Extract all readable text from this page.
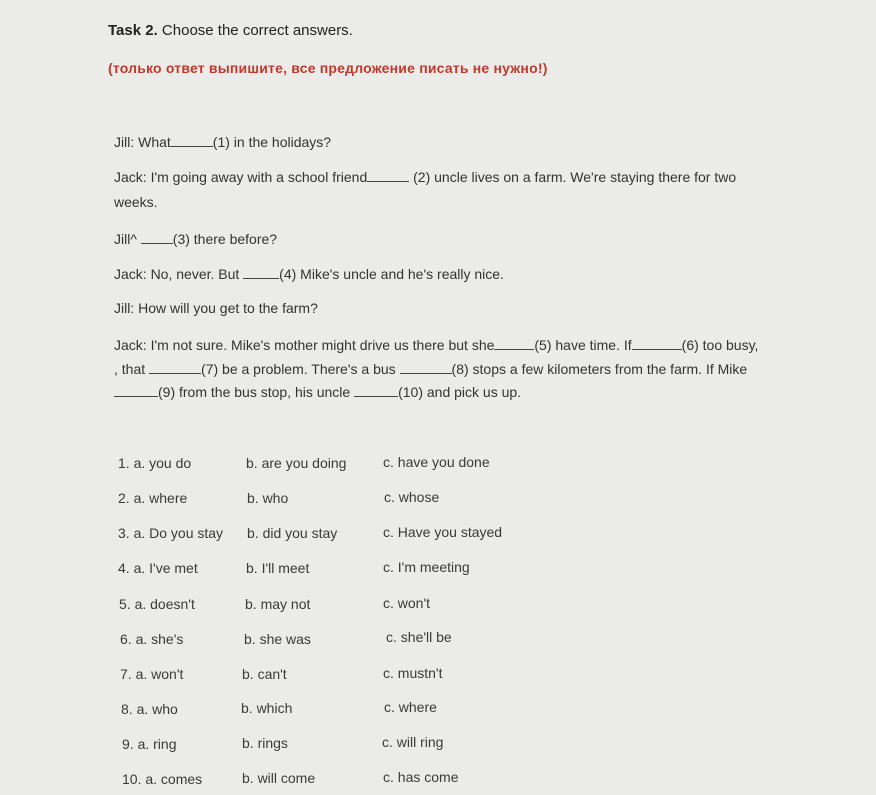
Task 2. Choose the correct answers.
(только ответ выпишите, все предложение писать не нужно!)
Jill: What	(1) in the holidays?
Jack: I'm going away with a school friend	(2) uncle lives on a farm. We're staying there for two
weeks.
Jill^ (3) there before?
Jack: No, never. But	(4) Mike's uncle and he's really nice.
Jill: How will you get to the farm?
Jack: I'm not sure. Mike's mother might drive us there but she	(5) have time. If	(6) too busy,
, that	(7) be a problem. There's a bus	(8) stops a few kilometers from the farm. If Mike
(9) from the bus stop, his uncle	(10) and pick us up.
1. a. you do	b. are you doing	c. have you done
2. a. where	b. who	c. whose
3. a. Do you stay b. did you stay	c. Have you stayed
4. a. I've met	b. I'll meet	c. I'm meeting
5. a. doesn't	b. may not	c. won't
6. a. she's	b. she was	c. she'll be
7. a. won't	b. can't	c. mustn't
8. a. who	b. which	c. where
9. a. ring	b. rings	c. will ring
10. a. comes	b. will come	c. has come
